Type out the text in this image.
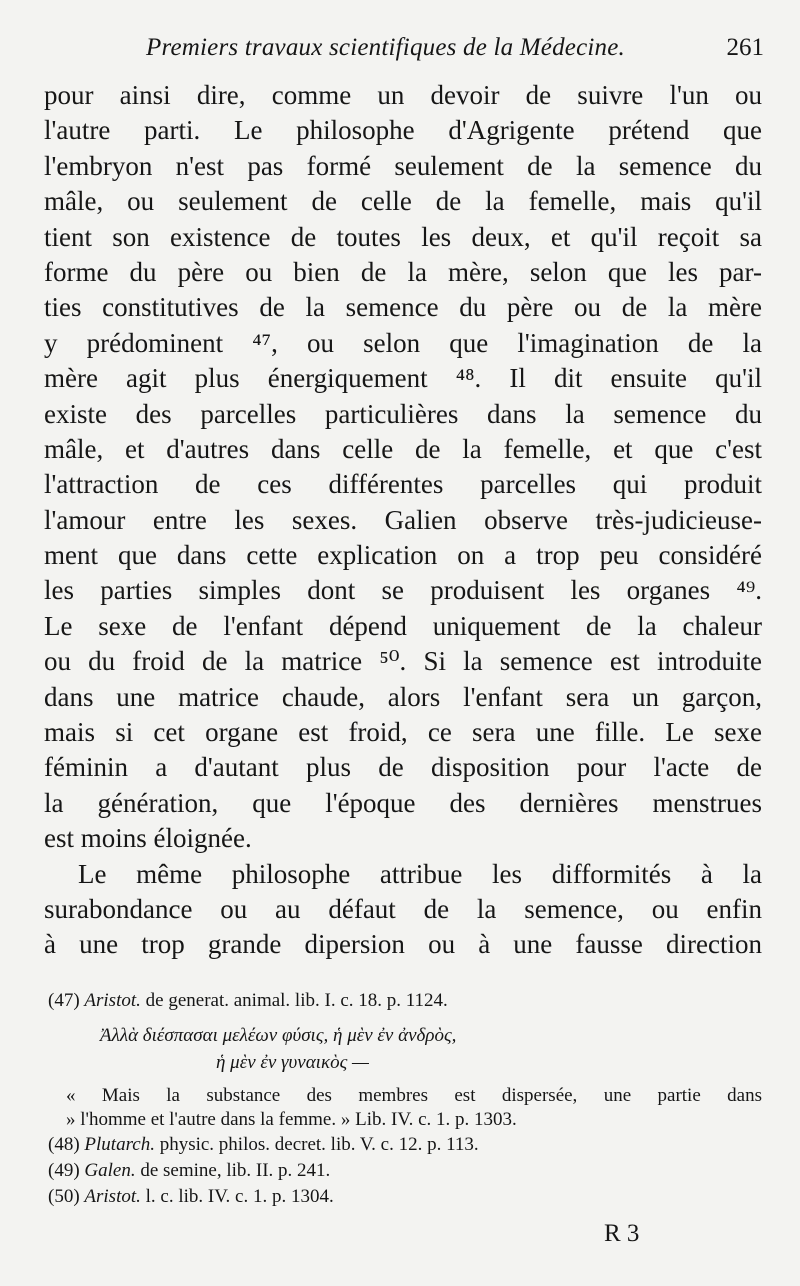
Premiers travaux scientifiques de la Médecine.	261
pour ainsi dire, comme un devoir de suivre l'un ou
l'autre parti. Le philosophe d'Agrigente prétend que
l'embryon n'est pas formé seulement de la semence du
mâle, ou seulement de celle de la femelle, mais qu'il
tient son existence de toutes les deux, et qu'il reçoit sa
forme du père ou bien de la mère, selon que les par-
ties constitutives de la semence du père ou de la mère
y prédominent ⁴⁷, ou selon que l'imagination de la
mère agit plus énergiquement ⁴⁸. Il dit ensuite qu'il
existe des parcelles particulières dans la semence du
mâle, et d'autres dans celle de la femelle, et que c'est
l'attraction de ces différentes parcelles qui produit
l'amour entre les sexes. Galien observe très-judicieuse-
ment que dans cette explication on a trop peu considéré
les parties simples dont se produisent les organes ⁴⁹.
Le sexe de l'enfant dépend uniquement de la chaleur
ou du froid de la matrice ⁵⁰. Si la semence est introduite
dans une matrice chaude, alors l'enfant sera un garçon,
mais si cet organe est froid, ce sera une fille. Le sexe
féminin a d'autant plus de disposition pour l'acte de
la génération, que l'époque des dernières menstrues
est moins éloignée.
Le même philosophe attribue les difformités à la
surabondance ou au défaut de la semence, ou enfin
à une trop grande dipersion ou à une fausse direction
(47) Aristot. de generat. animal. lib. I. c. 18. p. 1124.
Ἀλλὰ διέσπασαι μελέων φύσις, ἡ μὲν ἐν ἀνδρὸς,
ἡ μὲν ἐν γυναικὸς —
« Mais la substance des membres est dispersée, une partie dans
» l'homme et l'autre dans la femme. » Lib. IV. c. 1. p. 1303.
(48) Plutarch. physic. philos. decret. lib. V. c. 12. p. 113.
(49) Galen. de semine, lib. II. p. 241.
(50) Aristot. l. c. lib. IV. c. 1. p. 1304.
R 3
